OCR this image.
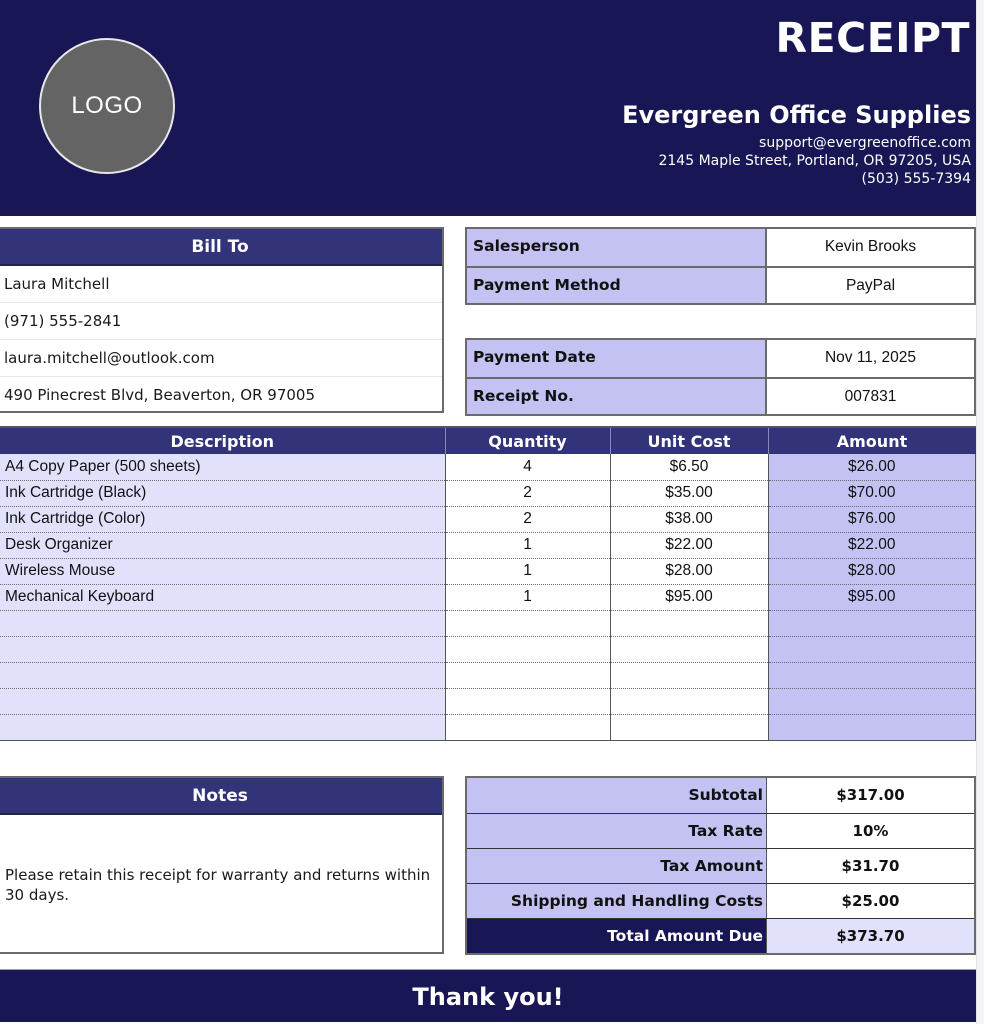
LOGO
RECEIPT
Evergreen Office Supplies
support@evergreenoffice.com
2145 Maple Street, Portland, OR 97205, USA
(503) 555-7394
Bill To
Laura Mitchell
(971) 555-2841
laura.mitchell@outlook.com
490 Pinecrest Blvd, Beaverton, OR 97005
Salesperson	Kevin Brooks
Payment Method	PayPal
Payment Date	Nov 11, 2025
Receipt No.	007831
Description	Quantity	Unit Cost	Amount
A4 Copy Paper (500 sheets)	4	$6.50	$26.00
Ink Cartridge (Black)	2	$35.00	$70.00
Ink Cartridge (Color)	2	$38.00	$76.00
Desk Organizer	1	$22.00	$22.00
Wireless Mouse	1	$28.00	$28.00
Mechanical Keyboard	1	$95.00	$95.00

Notes
Please retain this receipt for warranty and returns within 30 days.
Subtotal	$317.00
Tax Rate	10%
Tax Amount	$31.70
Shipping and Handling Costs	$25.00
Total Amount Due	$373.70
Thank you!
